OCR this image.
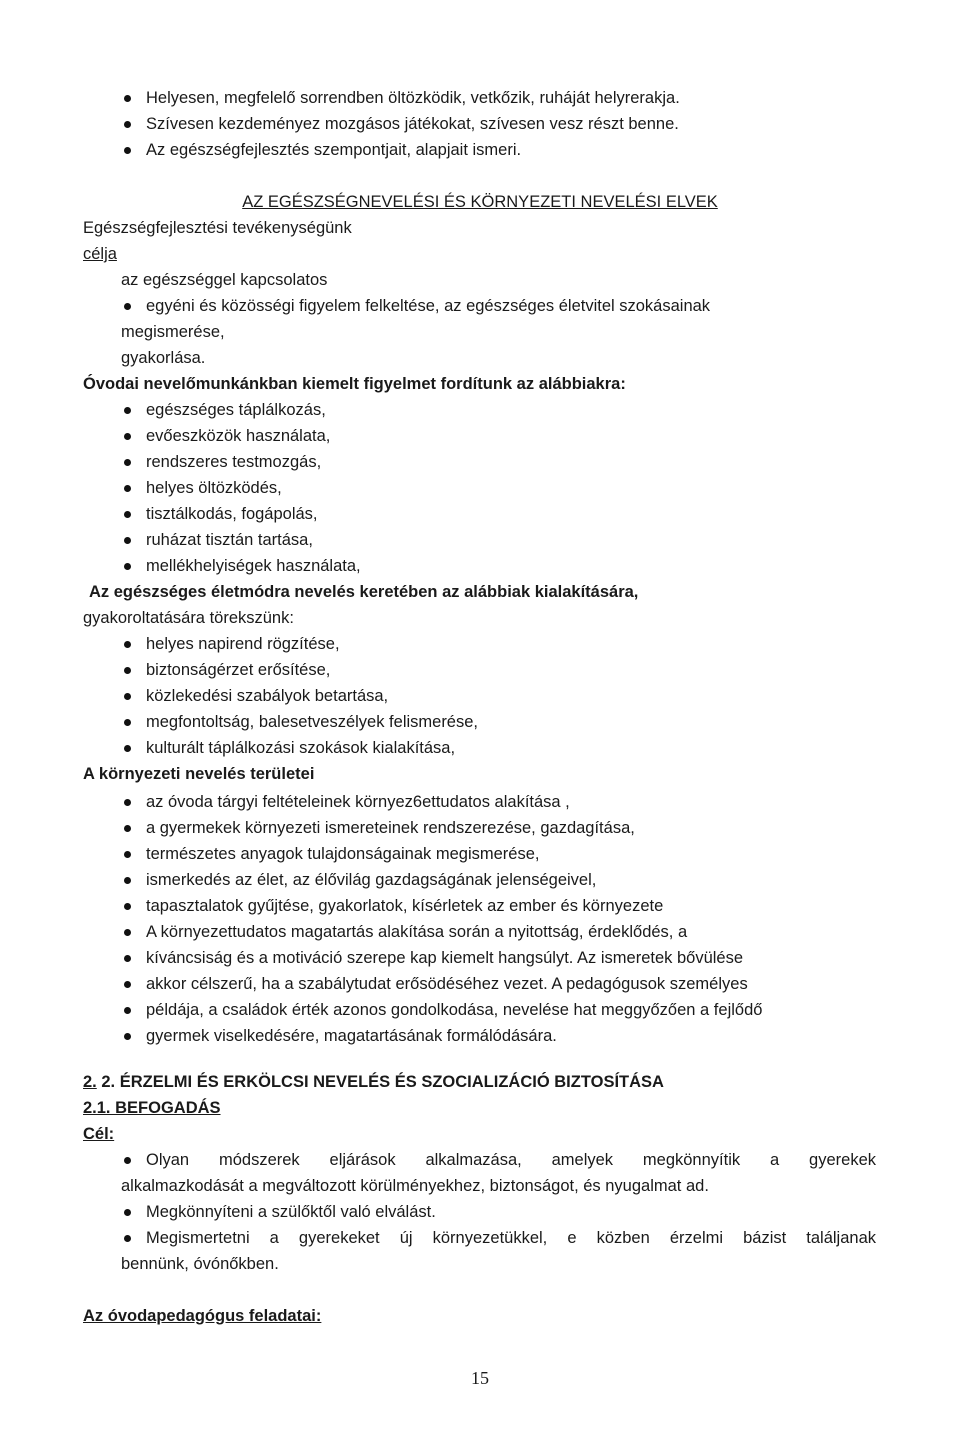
Helyesen, megfelelő sorrendben öltözködik, vetkőzik, ruháját helyrerakja.
Szívesen kezdeményez mozgásos játékokat, szívesen vesz részt benne.
Az egészségfejlesztés szempontjait, alapjait ismeri.
AZ EGÉSZSÉGNEVELÉSI ÉS KÖRNYEZETI NEVELÉSI ELVEK
Egészségfejlesztési tevékenységünk
célja
az egészséggel kapcsolatos
egyéni és közösségi figyelem felkeltése, az egészséges életvitel szokásainak
megismerése,
gyakorlása.
Óvodai nevelőmunkánkban kiemelt figyelmet fordítunk az alábbiakra:
egészséges táplálkozás,
evőeszközök használata,
rendszeres testmozgás,
helyes öltözködés,
tisztálkodás, fogápolás,
ruházat tisztán tartása,
mellékhelyiségek használata,
Az egészséges életmódra nevelés keretében az alábbiak kialakítására,
gyakoroltatására törekszünk:
helyes napirend rögzítése,
biztonságérzet erősítése,
közlekedési szabályok betartása,
megfontoltság, balesetveszélyek felismerése,
kulturált táplálkozási szokások kialakítása,
A környezeti nevelés területei
az óvoda tárgyi feltételeinek környez6ettudatos alakítása ,
a gyermekek környezeti ismereteinek rendszerezése, gazdagítása,
természetes anyagok tulajdonságainak megismerése,
ismerkedés az élet, az élővilág gazdagságának jelenségeivel,
tapasztalatok gyűjtése, gyakorlatok, kísérletek az ember és környezete
A környezettudatos magatartás alakítása során a nyitottság, érdeklődés, a
kíváncsiság és a motiváció szerepe kap kiemelt hangsúlyt. Az ismeretek bővülése
akkor célszerű, ha a szabálytudat erősödéséhez vezet. A pedagógusok személyes
példája, a családok érték azonos gondolkodása, nevelése hat meggyőzően a fejlődő
gyermek viselkedésére, magatartásának formálódására.
2. 2. ÉRZELMI ÉS ERKÖLCSI NEVELÉS ÉS SZOCIALIZÁCIÓ BIZTOSÍTÁSA
2.1. BEFOGADÁS
Cél:
Olyan módszerek eljárások alkalmazása, amelyek megkönnyítik a gyerekek
alkalmazkodását a megváltozott körülményekhez, biztonságot, és nyugalmat ad.
Megkönnyíteni a szülőktől való elválást.
Megismertetni a gyerekeket új környezetükkel, e közben érzelmi bázist találjanak
bennünk, óvónőkben.
Az óvodapedagógus feladatai:
15
